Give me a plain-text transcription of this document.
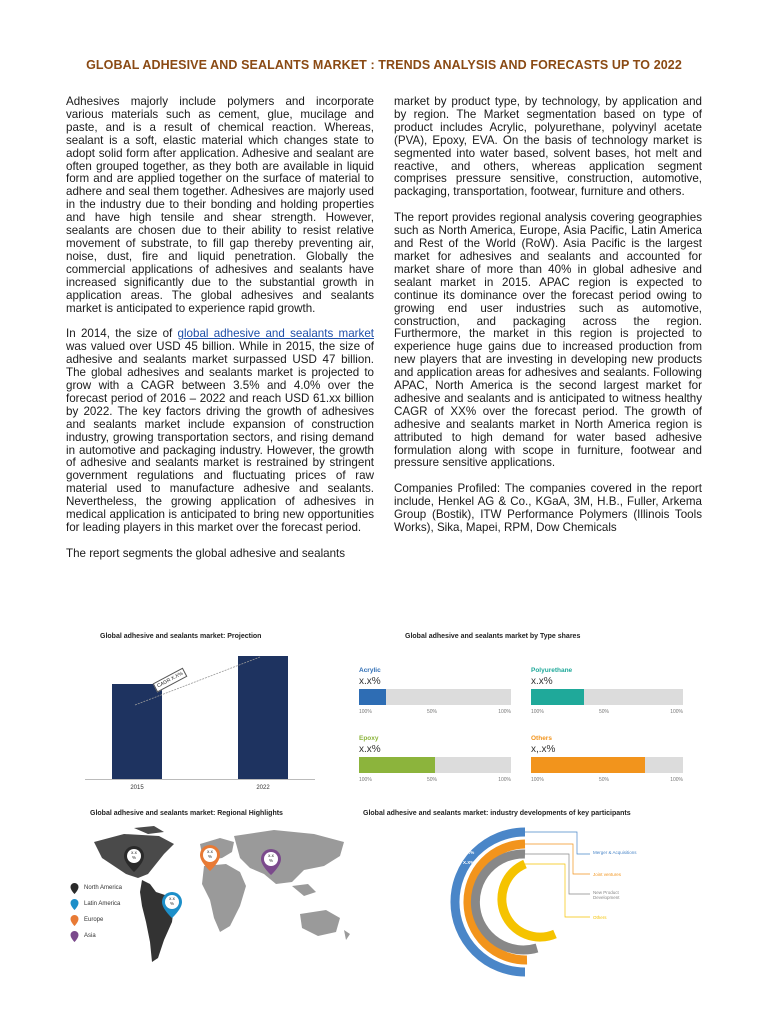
GLOBAL ADHESIVE AND SEALANTS MARKET : TRENDS ANALYSIS AND FORECASTS UP TO 2022

Adhesives majorly include polymers and incorporate various materials such as cement, glue, mucilage and paste, and is a result of chemical reaction. Whereas, sealant is a soft, elastic material which changes state to adopt solid form after application. Adhesive and sealant are often grouped together, as they both are available in liquid form and are applied together on the surface of material to adhere and seal them together. Adhesives are majorly used in the industry due to their bonding and holding properties and have high tensile and shear strength. However, sealants are chosen due to their ability to resist relative movement of substrate, to fill gap thereby preventing air, noise, dust, fire and liquid penetration. Globally the commercial applications of adhesives and sealants have increased significantly due to the substantial growth in application areas. The global adhesives and sealants market is anticipated to experience rapid growth.

In 2014, the size of global adhesive and sealants market was valued over USD 45 billion. While in 2015, the size of adhesive and sealants market surpassed USD 47 billion. The global adhesives and sealants market is projected to grow with a CAGR between 3.5% and 4.0% over the forecast period of 2016 – 2022 and reach USD 61.xx billion by 2022. The key factors driving the growth of adhesives and sealants market include expansion of construction industry, growing transportation sectors, and rising demand in automotive and packaging industry. However, the growth of adhesive and sealants market is restrained by stringent government regulations and fluctuating prices of raw material used to manufacture adhesive and sealants. Nevertheless, the growing application of adhesives in medical application is anticipated to bring new opportunities for leading players in this market over the forecast period.

The report segments the global adhesive and sealants

market by product type, by technology, by application and by region. The Market segmentation based on type of product includes Acrylic, polyurethane, polyvinyl acetate (PVA), Epoxy, EVA. On the basis of technology market is segmented into water based, solvent bases, hot melt and reactive, and others, whereas application segment comprises pressure sensitive, construction, automotive, packaging, transportation, footwear, furniture and others.

The report provides regional analysis covering geographies such as North America, Europe, Asia Pacific, Latin America and Rest of the World (RoW). Asia Pacific is the largest market for adhesives and sealants and accounted for market share of more than 40% in global adhesive and sealant market in 2015. APAC region is expected to continue its dominance over the forecast period owing to growing end user industries such as automotive, construction, and packaging across the region. Furthermore, the market in this region is projected to experience huge gains due to increased production from new players that are investing in developing new products and application areas for adhesives and sealants. Following APAC, North America is the second largest market for adhesive and sealants and is anticipated to witness healthy CAGR of XX% over the forecast period. The growth of adhesive and sealants market in North America region is attributed to high demand for water based adhesive formulation along with scope in furniture, footwear and pressure sensitive applications.

Companies Profiled: The companies covered in the report include, Henkel AG & Co., KGaA, 3M, H.B., Fuller, Arkema Group (Bostik), ITW Performance Polymers (Illinois Tools Works), Sika, Mapei, RPM, Dow Chemicals

Global adhesive and sealants market: Projection
CAGR X.X%
2015	2022
Global adhesive and sealants market by Type shares
Acrylic
x.x%
100%	50%	100%
Polyurethane
x.x%
100%	50%	100%
Epoxy
x.x%
100%	50%	100%
Others
x,.x%
100%	50%	100%
Global adhesive and sealants market: Regional Highlights
x.x
%
x.x
%
x.x
%	x.x
%
North America
Latin America
Europe
Asia
Global adhesive and sealants market: industry developments of key participants
X.X%
X.X%
X.X%
X.X%
Merger & Acquisitions
Joint ventures
New Product Development
Others
